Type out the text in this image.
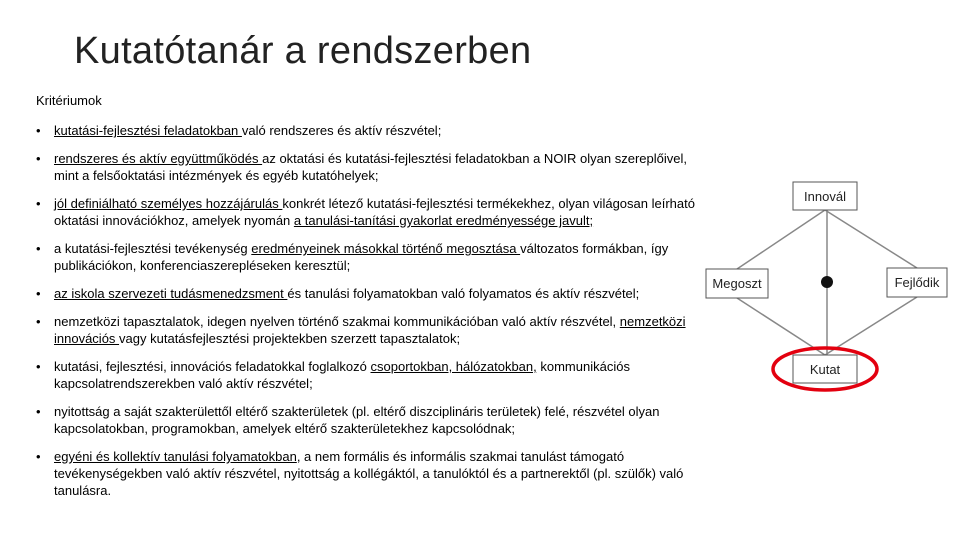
Kutatótanár a rendszerben

Kritériumok

• kutatási-fejlesztési feladatokban való rendszeres és aktív részvétel;
• rendszeres és aktív együttműködés az oktatási és kutatási-fejlesztési feladatokban a NOIR olyan szereplőivel, mint a felsőoktatási intézmények és egyéb kutatóhelyek;
• jól definiálható személyes hozzájárulás konkrét létező kutatási-fejlesztési termékekhez, olyan világosan leírható oktatási innovációkhoz, amelyek nyomán a tanulási-tanítási gyakorlat eredményessége javult;
• a kutatási-fejlesztési tevékenység eredményeinek másokkal történő megosztása változatos formákban, így publikációkon, konferenciaszerepléseken keresztül;
• az iskola szervezeti tudásmenedzsment és tanulási folyamatokban való folyamatos és aktív részvétel;
• nemzetközi tapasztalatok, idegen nyelven történő szakmai kommunikációban való aktív részvétel, nemzetközi innovációs vagy kutatásfejlesztési projektekben szerzett tapasztalatok;
• kutatási, fejlesztési, innovációs feladatokkal foglalkozó csoportokban, hálózatokban, kommunikációs kapcsolatrendszerekben való aktív részvétel;
• nyitottság a saját szakterülettől eltérő szakterületek (pl. eltérő diszciplináris területek) felé, részvétel olyan kapcsolatokban, programokban, amelyek eltérő szakterületekhez kapcsolódnak;
• egyéni és kollektív tanulási folyamatokban, a nem formális és informális szakmai tanulást támogató tevékenységekben való aktív részvétel, nyitottság a kollégáktól, a tanulóktól és a partnerektől (pl. szülők) való tanulásra.
Innovál
Megoszt	Fejlődik
Kutat
